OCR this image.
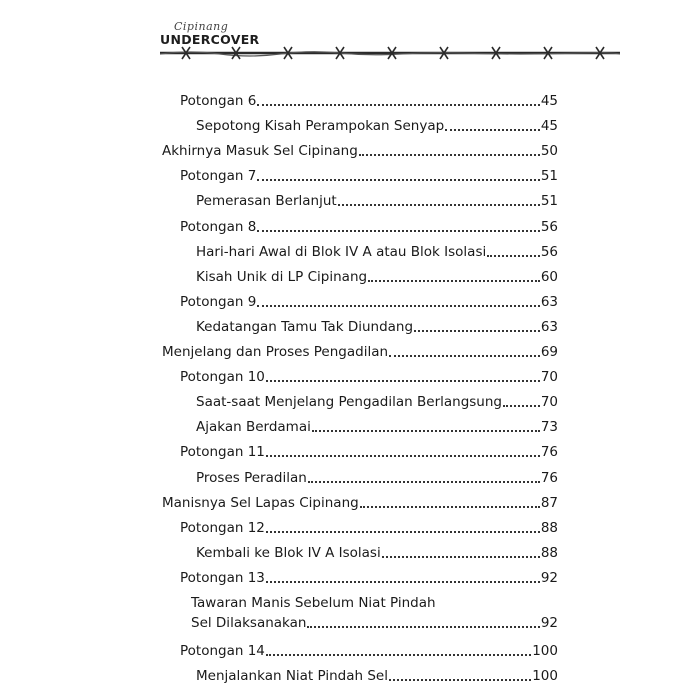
Cipinang
UNDERCOVER
Potongan 6	45
Sepotong Kisah Perampokan Senyap	45
Akhirnya Masuk Sel Cipinang	50
Potongan 7	51
Pemerasan Berlanjut	51
Potongan 8	56
Hari-hari Awal di Blok IV A atau Blok Isolasi	56
Kisah Unik di LP Cipinang	60
Potongan 9	63
Kedatangan Tamu Tak Diundang	63
Menjelang dan Proses Pengadilan	69
Potongan 10	70
Saat-saat Menjelang Pengadilan Berlangsung	70
Ajakan Berdamai	73
Potongan 11	76
Proses Peradilan	76
Manisnya Sel Lapas Cipinang	87
Potongan 12	88
Kembali ke Blok IV A Isolasi	88
Potongan 13	92
Tawaran Manis Sebelum Niat Pindah
Sel Dilaksanakan	92
Potongan 14	100
Menjalankan Niat Pindah Sel	100
